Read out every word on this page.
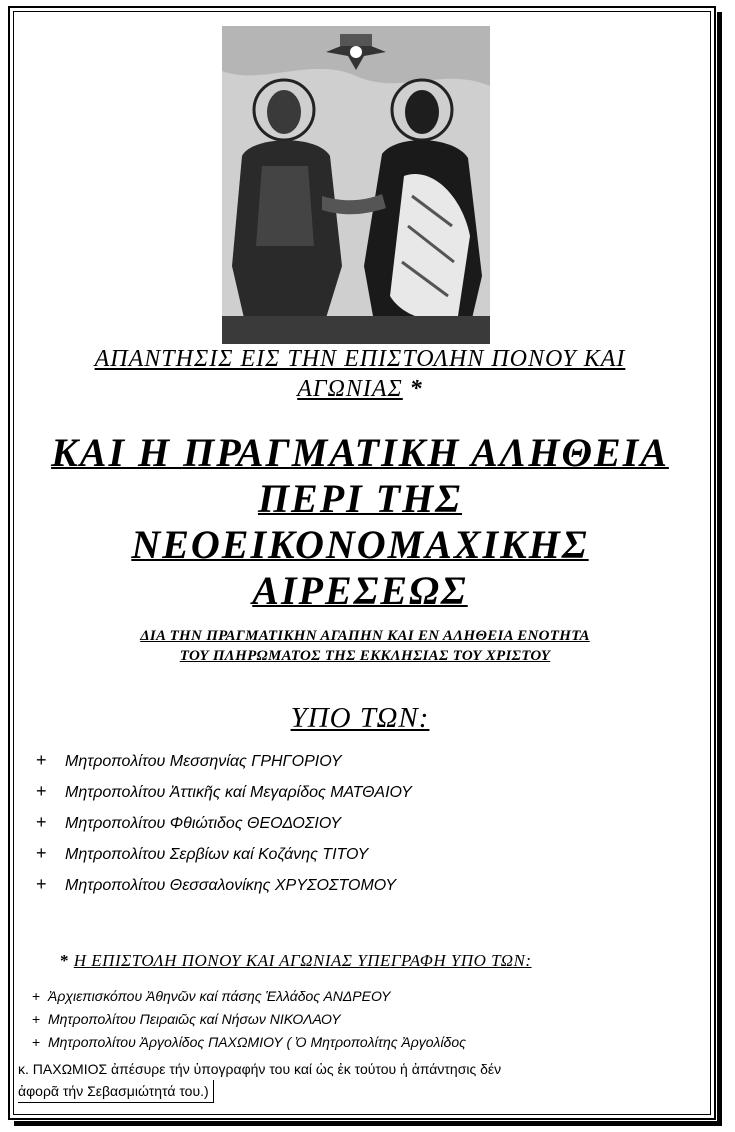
ΑΠΑΝΤΗΣΙΣ ΕΙΣ ΤΗΝ ΕΠΙΣΤΟΛΗΝ ΠΟΝΟΥ ΚΑΙ
ΑΓΩΝΙΑΣ *
ΚΑΙ Η ΠΡΑΓΜΑΤΙΚΗ ΑΛΗΘΕΙΑ
ΠΕΡΙ ΤΗΣ
ΝΕΟΕΙΚΟΝΟΜΑΧΙΚΗΣ
ΑΙΡΕΣΕΩΣ
ΔΙΑ ΤΗΝ ΠΡΑΓΜΑΤΙΚΗΝ ΑΓΑΠΗΝ ΚΑΙ ΕΝ ΑΛΗΘΕΙΑ ΕΝΟΤΗΤΑ
ΤΟΥ ΠΛΗΡΩΜΑΤΟΣ ΤΗΣ ΕΚΚΛΗΣΙΑΣ ΤΟΥ ΧΡΙΣΤΟΥ
ΥΠΟ ΤΩΝ:
+ Μητροπολίτου Μεσσηνίας ΓΡΗΓΟΡΙΟΥ
+ Μητροπολίτου Ἀττικῆς καί Μεγαρίδος ΜΑΤΘΑΙΟΥ
+ Μητροπολίτου Φθιώτιδος ΘΕΟΔΟΣΙΟΥ
+ Μητροπολίτου Σερβίων καί Κοζάνης ΤΙΤΟΥ
+ Μητροπολίτου Θεσσαλονίκης ΧΡΥΣΟΣΤΟΜΟΥ
* Η ΕΠΙΣΤΟΛΗ ΠΟΝΟΥ ΚΑΙ ΑΓΩΝΙΑΣ ΥΠΕΓΡΑΦΗ ΥΠΟ ΤΩΝ:
+ Ἀρχιεπισκόπου Ἀθηνῶν καί πάσης Ἑλλάδος ΑΝΔΡΕΟΥ
+ Μητροπολίτου Πειραιῶς καί Νήσων ΝΙΚΟΛΑΟΥ
+ Μητροπολίτου Ἀργολίδος ΠΑΧΩΜΙΟΥ ( Ὁ Μητροπολίτης Ἀργολίδος
κ. ΠΑΧΩΜΙΟΣ ἀπέσυρε τήν ὑπογραφήν του καί ὡς ἐκ τούτου ἡ ἀπάντησις δέν
ἀφορᾶ τήν Σεβασμιώτητά του.)
